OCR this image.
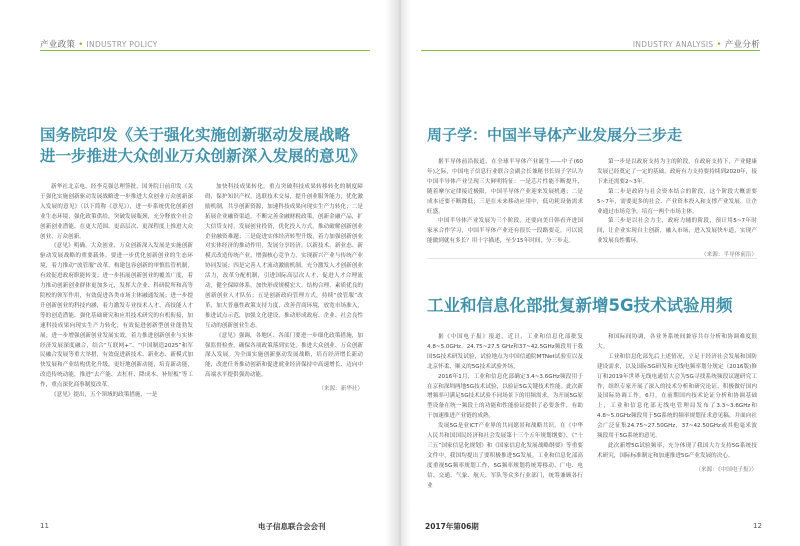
产业政策 • INDUSTRY POLICY
国务院印发《关于强化实施创新驱动发展战略
进一步推进大众创业万众创新深入发展的意见》

新华社北京电，经李克强总理签批，国务院日前印发《关于强化实施创新驱动发展战略进一步推进大众创业万众创新深入发展的意见》（以下简称《意见》），进一步系统优化创新创业生态环境，强化政策供给，突破发展瓶颈，充分释放全社会创新创业潜能，在更大范围、更高层次、更深程度上推进大众创业、万众创新。

《意见》明确，大众创业、万众创新深入发展是实施创新驱动发展战略的重要载体。要进一步优化创新创业的生态环境，着力推动“放管服”改革，构建包容创新的审慎监管机制，有效促进政府职能转变；进一步拓展创新创业的覆盖广度，着力推动创新创业群体更加多元，发挥大企业、科研院所和高等院校的领军作用，有效促进各类市场主体融通发展；进一步提升创新创业的科技内涵，着力激发专业技术人才、高技能人才等的创造潜能，强化基础研究和应用技术研究的有机衔接，加速科技成果向现实生产力转化，有效促进创新型创业蓬勃发展；进一步增强创新创业发展实效，着力推进创新创业与实体经济发展深度融合，结合“互联网+”、“中国制造2025”和军民融合发展等重大举措，有效促进新技术、新业态、新模式加快发展和产业结构优化升级，更好地创新动能，培育新动能，改造传统动能，推进“去产能、去杠杆、降成本、补短板”等工作，重点深化商事制度改革。

《意见》提出，五个领域的政策措施，一是

加快科技成果转化。重点突破科技成果转移转化的制度障碍，保护知识产权，选联技术交易，提升创业服务能力，优化激励机制，共享创新资源，加速科技成果向现实生产力转化；二是拓展企业融资渠道，不断完善金融财税政策，创新金融产品，扩大信贷支持，发展创业投资，优化投入方式，推动破解创新创业企业融资难题；三是促进实体经济转型升级，着力加强创新创业对实体经济的推动作用，发展分享经济，以新技术、新业态、新模式改造传统产业，增强核心竞争力，实现新兴产业与传统产业协同发展；四是完善人才流动激励机制，充分激发人才创新创业活力，改革分配机制，引进国际高层次人才，促进人才合理流动，健全保障体系，加快形成规模宏大、结构合理、素质优良的创新创业人才队伍；五是创新政府管理方式，持续“放管服”改革，加大普惠性政策支持力度，改善营商环境，放宽市场准入，推进试点示范，加强文化建设，推动形成政府、企业、社会良性互动的创新创业生态。

《意见》强调，各地区、各部门要进一步细化政策措施，加强监督检查，确保各项政策落到实处，推进大众创业、万众创新深入发展。为全面实施创新驱动发展战略，培育经济增长新动能，改进任务推动创新和促进就业经济保持中高速增长、迈向中高端水平提供强劲动能。

（来源：新华社）

11	电子信息联合会会刊
INDUSTRY ANALYSIS • 产业分析
周子学：中国半导体产业发展分三步走

据半导体前沿报道，在全球半导体产业诞生——中子(60年)之际，中国电子信息行业联合会副会长兼秘书长周子学认为中国半导体产业呈现三大鲜明特征：一是芯片性能不断提升，随着摩尔定律接近极限，中国半导体产业迎来发展机遇；二是成本还要不断降低；三是在未来移动应用中，低功耗设备需求旺盛。

中国半导体产业发展为三个阶段，还要向美日韩看齐进国家承合作学习，中国半导体产业还有很长一段路要走，可以说能做到就有多长？用十字描述，至少15年时间，分三步走。

第一步是以政府支持为主的阶段，在政府支持下，产业健康发展已经奠定了一定的基础，政府有力支持要持续到2020年，接下来还需要2~3年。

第二步是政府与社会资本结合的阶段，这个阶段大概需要5~7年，需要更多的社会、产业资本投入和支撑产业发展，让企业通过市场竞争，培育一两个市场主体。

第三步是以社会力主，政府力辅的阶段，预计用5~7年时间，让企业实现自主创新，融入市场，进入发展快车道，实现产业发展良性循环。

（来源：半导体前沿）

工业和信息化部批复新增5G技术试验用频

据《中国电子报》报道，近日，工业和信息化部批复4.8~5.0GHz、24.75~27.5 GHz和37~42.5GHz频段用于我国5G技术研发试验，试验地点为中国信通院MTNet试验室以及北京怀柔、顺义的5G技术试验外场。

2016年1月，工业和信息化部确定3.4~3.6GHz频段用于在京和深圳两地5G技术试验，以验证5G关键技术性能。此次新增频率可满足5G技术试验不同场景下的用频需求，为开展5G原型设备在统一频段上的功能和性能验证提供了必要条件，有助于加速推进产业链的成熟。

发展5G是业ICT产业界的共同愿景和战略共识，在《中华人民共和国国民经济和社会发展第十三个五年规划纲要》、《“十三五”国家信息化规划》和《国家信息化发展战略纲要》等重要文件中，我国均提出了要积极推进5G发展。工业和信息化部高度重视5G频率规划工作，5G频率规划将统筹移动、广电、电信、交通、气象、航天、军队等众多行业部门，统筹兼顾各行业

和国际间协调，各业务系统间兼容共存分析和协调难度很大。

工业和信息化部先后上述情况，立足于经济社会发展和国防建设需求，以及国际5G研发和无线电频率划分规定（2016版)修订和2019年世界无线电通信大会为5G寻找系统频段议题研究工作，组织专家开展了深入的技术分析和研究论证，积极做好国内及国际协调工作。6月，在前期国内技术论证分析和协调基础上，工业和信息化部无线电管理局发布了3.3~3.6GHz和4.8~5.0GHz频段用于5G系统的频率规划征求意见稿。并面向社会广泛征集24.75~27.50GHz，37~42.50GHz或其他毫米波频段用于5G系统的意见。

此次新增5G试验频率，充分体现了我国大力支持5G系统技术研究，国际标准制定和加速推进5G产业发展的决心。

（来源：《中国电子报》）

2017年第06期	12
